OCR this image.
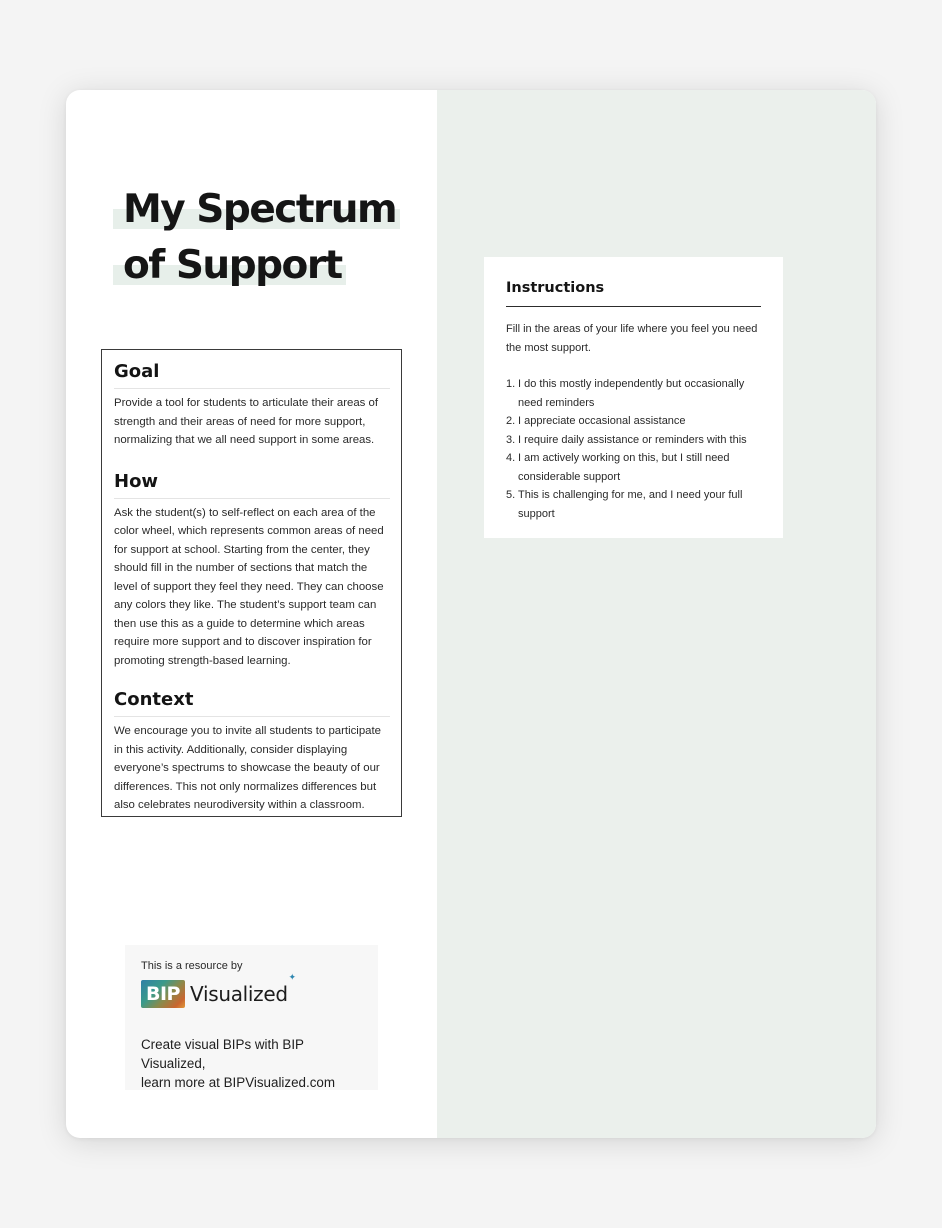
My Spectrum
of Support
Goal

Provide a tool for students to articulate their areas of strength and their areas of need for more support, normalizing that we all need support in some areas.

How

Ask the student(s) to self-reflect on each area of the color wheel, which represents common areas of need for support at school. Starting from the center, they should fill in the number of sections that match the level of support they feel they need. They can choose any colors they like. The student’s support team can then use this as a guide to determine which areas require more support and to discover inspiration for promoting strength-based learning.

Context

We encourage you to invite all students to participate in this activity. Additionally, consider displaying everyone’s spectrums to showcase the beauty of our differences. This not only normalizes differences but also celebrates neurodiversity within a classroom.

This is a resource by
BIP Visualized
✦
Create visual BIPs with BIP Visualized,
learn more at BIPVisualized.com
Instructions

Fill in the areas of your life where you feel you need the most support.

1. I do this mostly independently but occasionally need reminders
2. I appreciate occasional assistance
3. I require daily assistance or reminders with this
4. I am actively working on this, but I still need considerable support
5. This is challenging for me, and I need your full support
